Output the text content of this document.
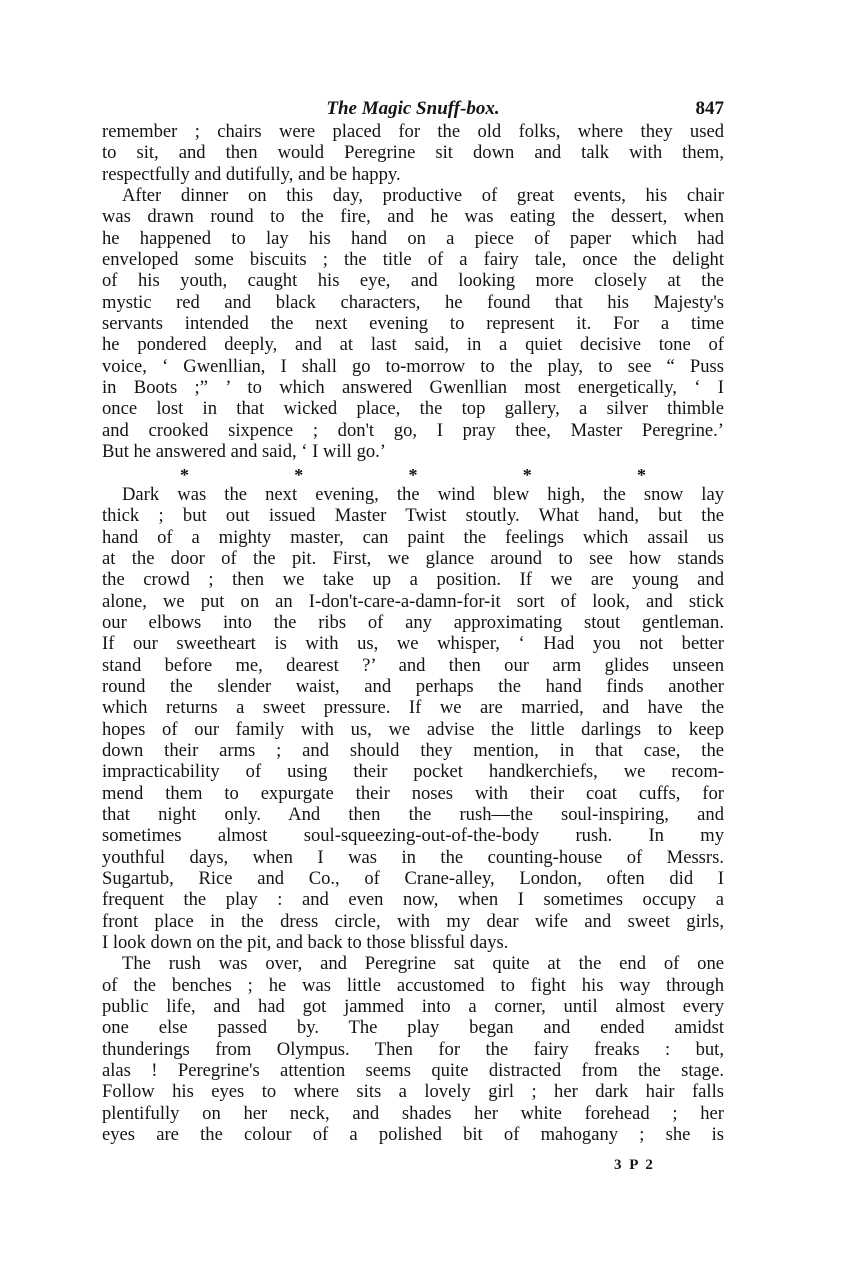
The Magic Snuff-box.	847
remember ; chairs were placed for the old folks, where they used
to sit, and then would Peregrine sit down and talk with them,
respectfully and dutifully, and be happy.
After dinner on this day, productive of great events, his chair
was drawn round to the fire, and he was eating the dessert, when
he happened to lay his hand on a piece of paper which had
enveloped some biscuits ; the title of a fairy tale, once the delight
of his youth, caught his eye, and looking more closely at the
mystic red and black characters, he found that his Majesty's
servants intended the next evening to represent it. For a time
he pondered deeply, and at last said, in a quiet decisive tone of
voice, ‘ Gwenllian, I shall go to-morrow to the play, to see “ Puss
in Boots ;” ’ to which answered Gwenllian most energetically, ‘ I
once lost in that wicked place, the top gallery, a silver thimble
and crooked sixpence ; don't go, I pray thee, Master Peregrine.’
But he answered and said, ‘ I will go.’
*	*	*	*	*
Dark was the next evening, the wind blew high, the snow lay
thick ; but out issued Master Twist stoutly. What hand, but the
hand of a mighty master, can paint the feelings which assail us
at the door of the pit. First, we glance around to see how stands
the crowd ; then we take up a position. If we are young and
alone, we put on an I-don't-care-a-damn-for-it sort of look, and stick
our elbows into the ribs of any approximating stout gentleman.
If our sweetheart is with us, we whisper, ‘ Had you not better
stand before me, dearest ?’ and then our arm glides unseen
round the slender waist, and perhaps the hand finds another
which returns a sweet pressure. If we are married, and have the
hopes of our family with us, we advise the little darlings to keep
down their arms ; and should they mention, in that case, the
impracticability of using their pocket handkerchiefs, we recom-
mend them to expurgate their noses with their coat cuffs, for
that night only. And then the rush—the soul-inspiring, and
sometimes almost soul-squeezing-out-of-the-body rush. In my
youthful days, when I was in the counting-house of Messrs.
Sugartub, Rice and Co., of Crane-alley, London, often did I
frequent the play : and even now, when I sometimes occupy a
front place in the dress circle, with my dear wife and sweet girls,
I look down on the pit, and back to those blissful days.
The rush was over, and Peregrine sat quite at the end of one
of the benches ; he was little accustomed to fight his way through
public life, and had got jammed into a corner, until almost every
one else passed by. The play began and ended amidst
thunderings from Olympus. Then for the fairy freaks : but,
alas ! Peregrine's attention seems quite distracted from the stage.
Follow his eyes to where sits a lovely girl ; her dark hair falls
plentifully on her neck, and shades her white forehead ; her
eyes are the colour of a polished bit of mahogany ; she is
3 P 2
